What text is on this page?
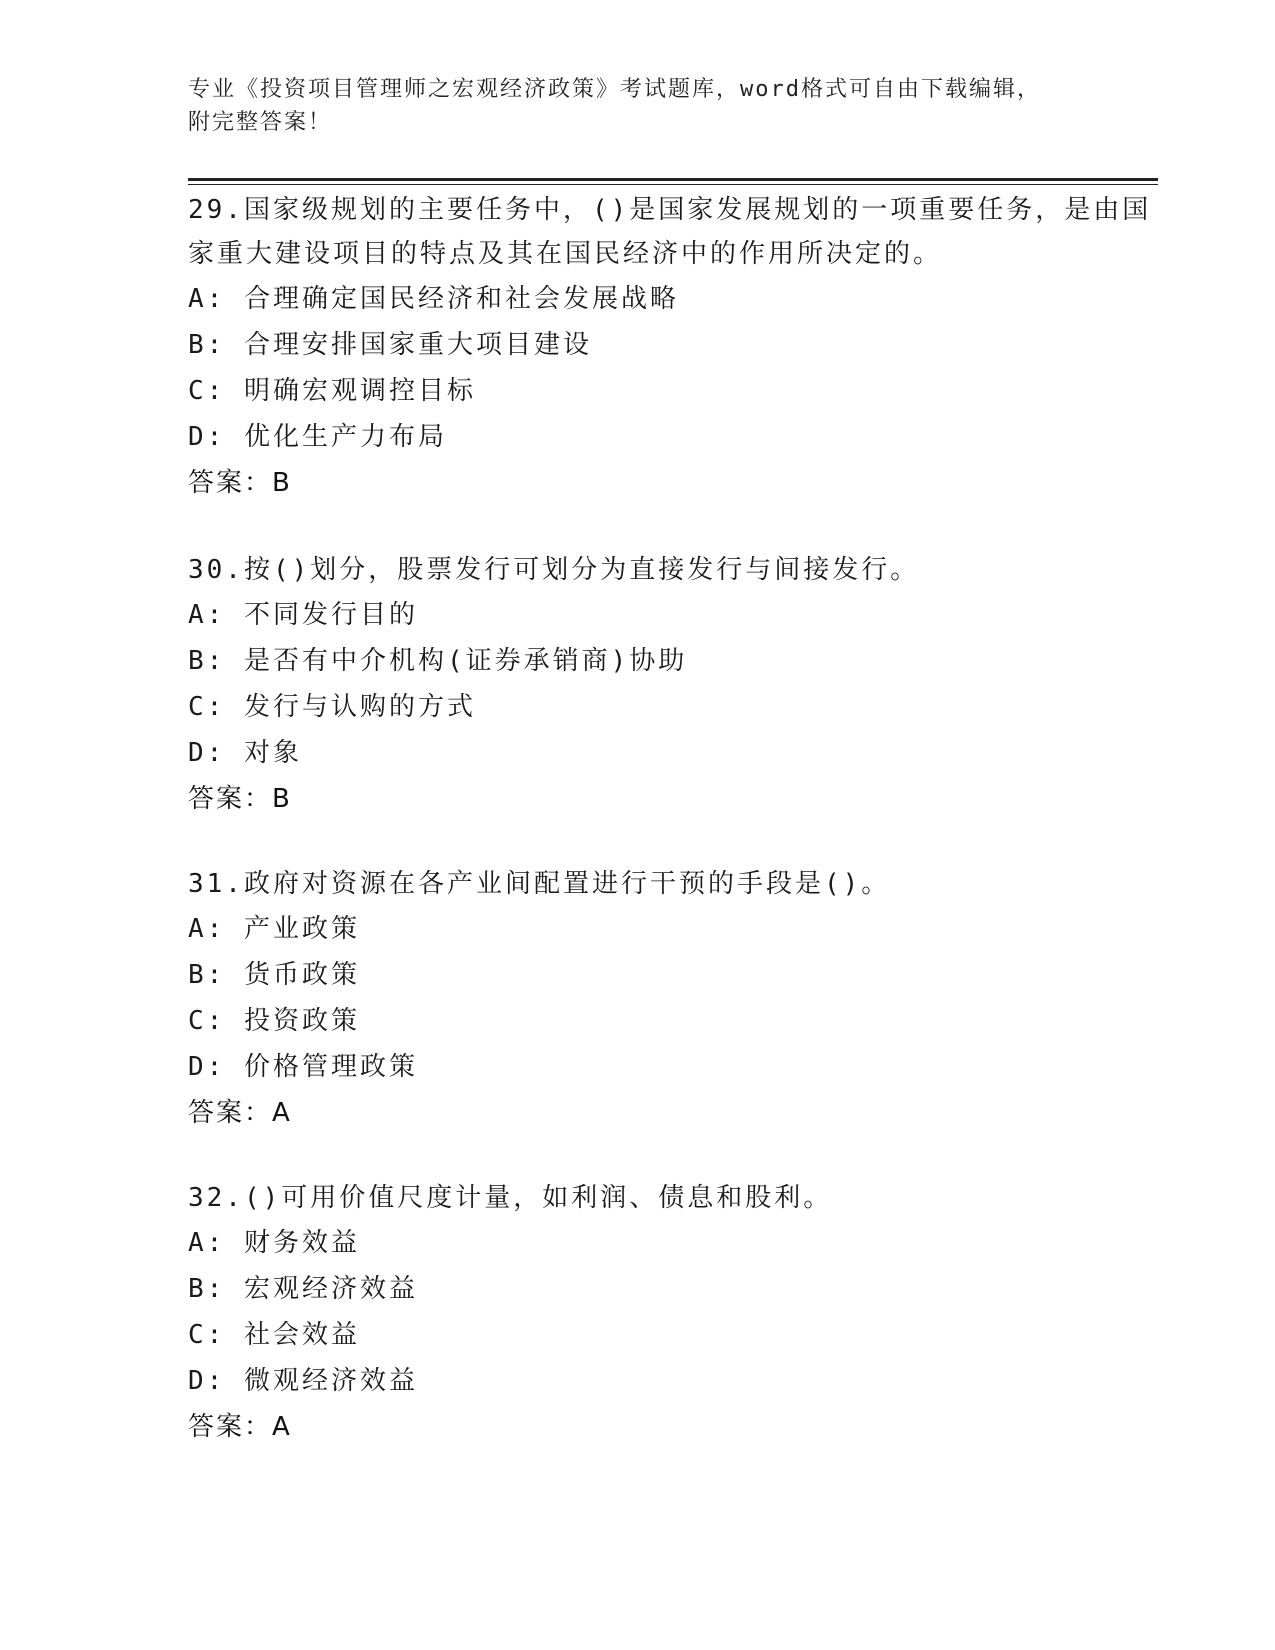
专业《投资项目管理师之宏观经济政策》考试题库，word格式可自由下载编辑，
附完整答案！

29.国家级规划的主要任务中，()是国家发展规划的一项重要任务，是由国家重大建设项目的特点及其在国民经济中的作用所决定的。

A: 合理确定国民经济和社会发展战略

B: 合理安排国家重大项目建设

C: 明确宏观调控目标

D: 优化生产力布局

答案：B

30.按()划分，股票发行可划分为直接发行与间接发行。

A: 不同发行目的

B: 是否有中介机构(证券承销商)协助

C: 发行与认购的方式

D: 对象

答案：B

31.政府对资源在各产业间配置进行干预的手段是()。

A: 产业政策

B: 货币政策

C: 投资政策

D: 价格管理政策

答案：A

32.()可用价值尺度计量，如利润、债息和股利。

A: 财务效益

B: 宏观经济效益

C: 社会效益

D: 微观经济效益

答案：A
